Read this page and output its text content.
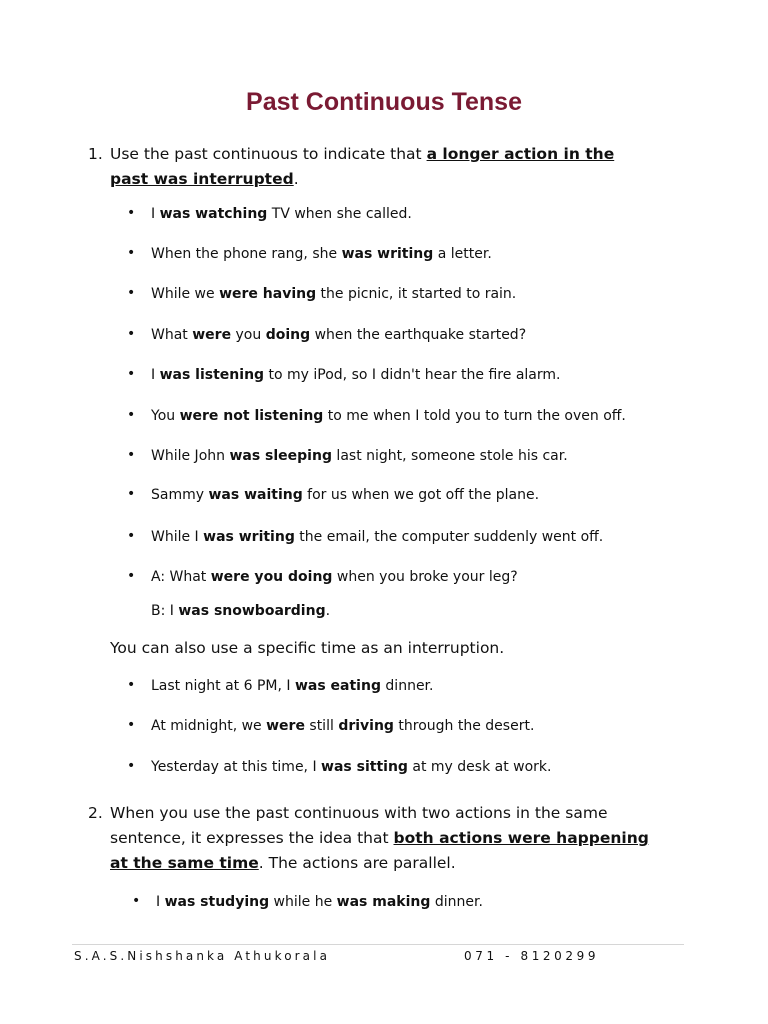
Past Continuous Tense
1. Use the past continuous to indicate that a longer action in the
past was interrupted.
• I was watching TV when she called.
• When the phone rang, she was writing a letter.
• While we were having the picnic, it started to rain.
• What were you doing when the earthquake started?
• I was listening to my iPod, so I didn't hear the fire alarm.
• You were not listening to me when I told you to turn the oven off.
• While John was sleeping last night, someone stole his car.
• Sammy was waiting for us when we got off the plane.
• While I was writing the email, the computer suddenly went off.
• A: What were you doing when you broke your leg?
B: I was snowboarding.
You can also use a specific time as an interruption.
• Last night at 6 PM, I was eating dinner.
• At midnight, we were still driving through the desert.
• Yesterday at this time, I was sitting at my desk at work.
2. When you use the past continuous with two actions in the same
sentence, it expresses the idea that both actions were happening
at the same time. The actions are parallel.
• I was studying while he was making dinner.
S.A.S.Nishshanka Athukorala	071 - 8120299
